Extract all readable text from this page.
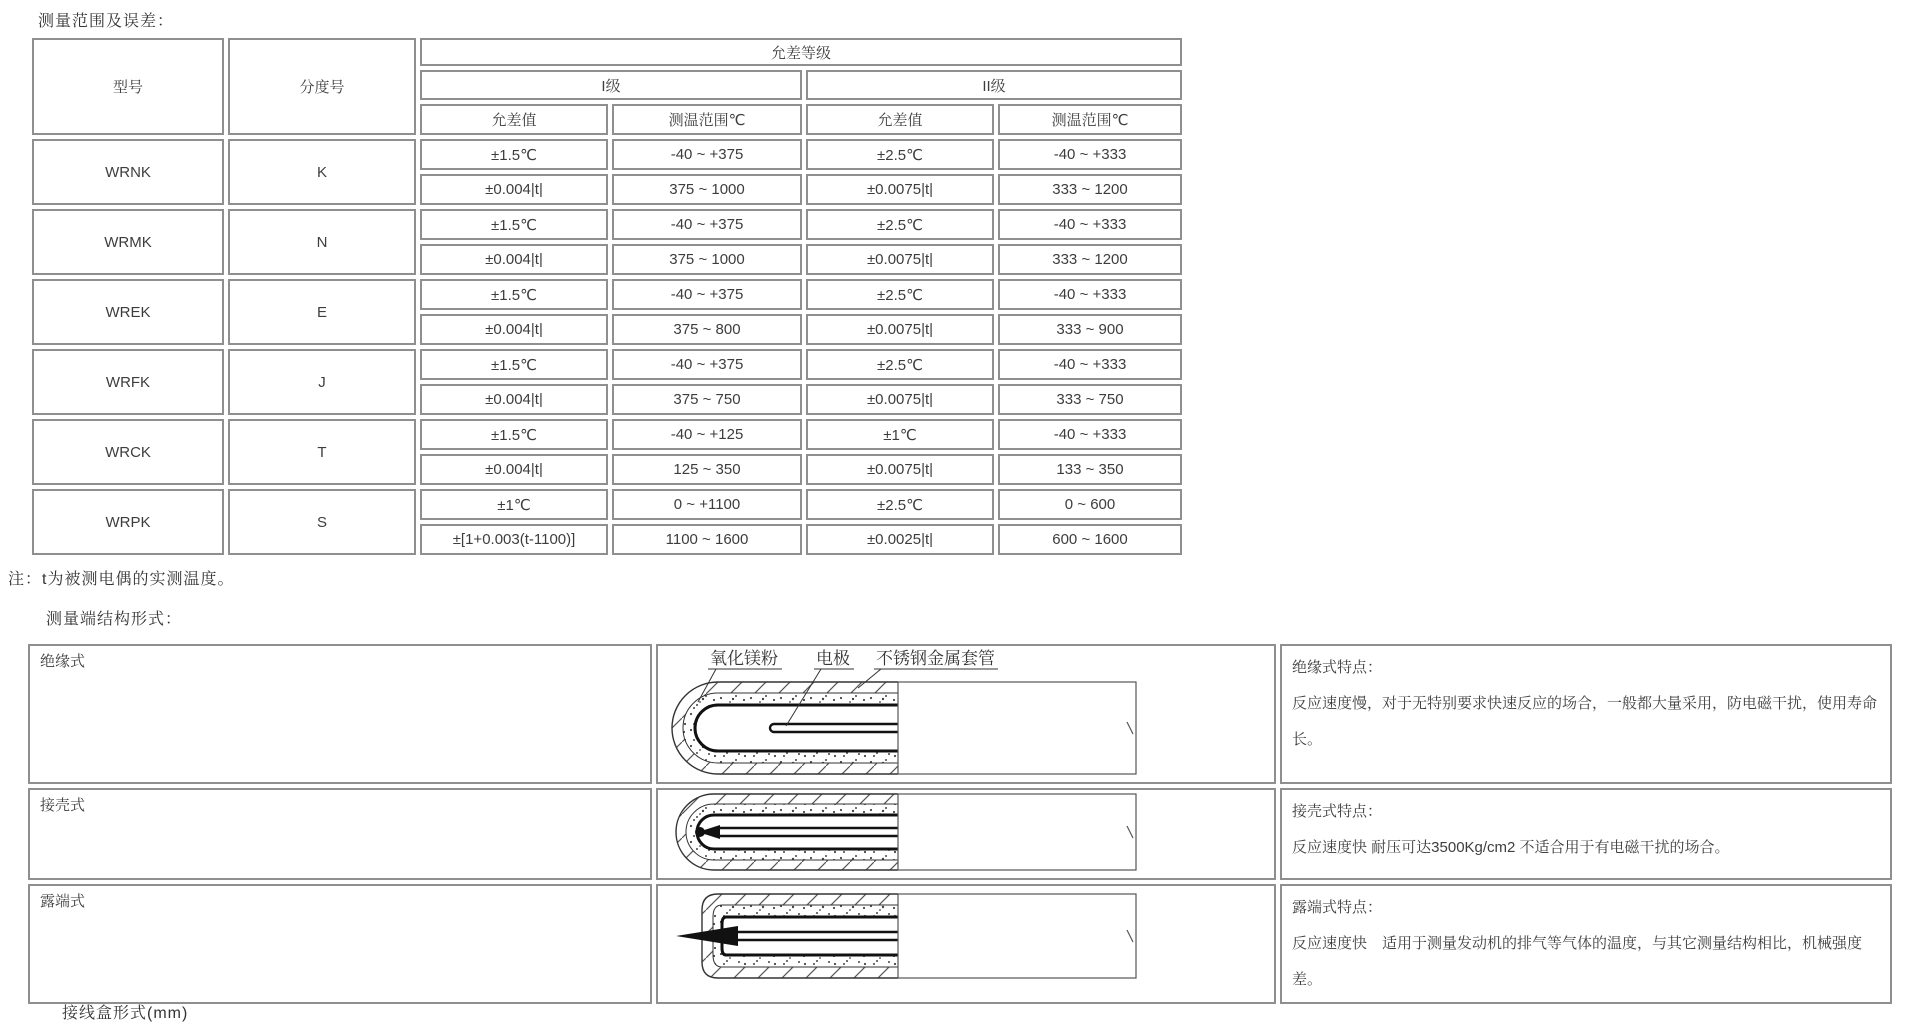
测量范围及误差：
型号	分度号	允差等级			
		I级		II级	
		允差值	测温范围℃	允差值	测温范围℃
WRNK	K	±1.5℃	-40 ~ +375	±2.5℃	-40 ~ +333
		±0.004|t|	375 ~ 1000	±0.0075|t|	333 ~ 1200
WRMK	N	±1.5℃	-40 ~ +375	±2.5℃	-40 ~ +333
		±0.004|t|	375 ~ 1000	±0.0075|t|	333 ~ 1200
WREK	E	±1.5℃	-40 ~ +375	±2.5℃	-40 ~ +333
		±0.004|t|	375 ~ 800	±0.0075|t|	333 ~ 900
WRFK	J	±1.5℃	-40 ~ +375	±2.5℃	-40 ~ +333
		±0.004|t|	375 ~ 750	±0.0075|t|	333 ~ 750
WRCK	T	±1.5℃	-40 ~ +125	±1℃	-40 ~ +333
		±0.004|t|	125 ~ 350	±0.0075|t|	133 ~ 350
WRPK	S	±1℃	0 ~ +1100	±2.5℃	0 ~ 600
		±[1+0.003(t-1100)]	1100 ~ 1600	±0.0025|t|	600 ~ 1600
注：t为被测电偶的实测温度。
测量端结构形式：
绝缘式	氧化镁粉 电极 不锈钢金属套管	绝缘式特点：

反应速度慢，对于无特别要求快速反应的场合，一般都大量采用，防电磁干扰，使用寿命长。

接壳式		接壳式特点：

反应速度快 耐压可达3500Kg/cm2 不适合用于有电磁干扰的场合。

露端式		露端式特点：

反应速度快　适用于测量发动机的排气等气体的温度，与其它测量结构相比，机械强度差。

接线盒形式(mm)
